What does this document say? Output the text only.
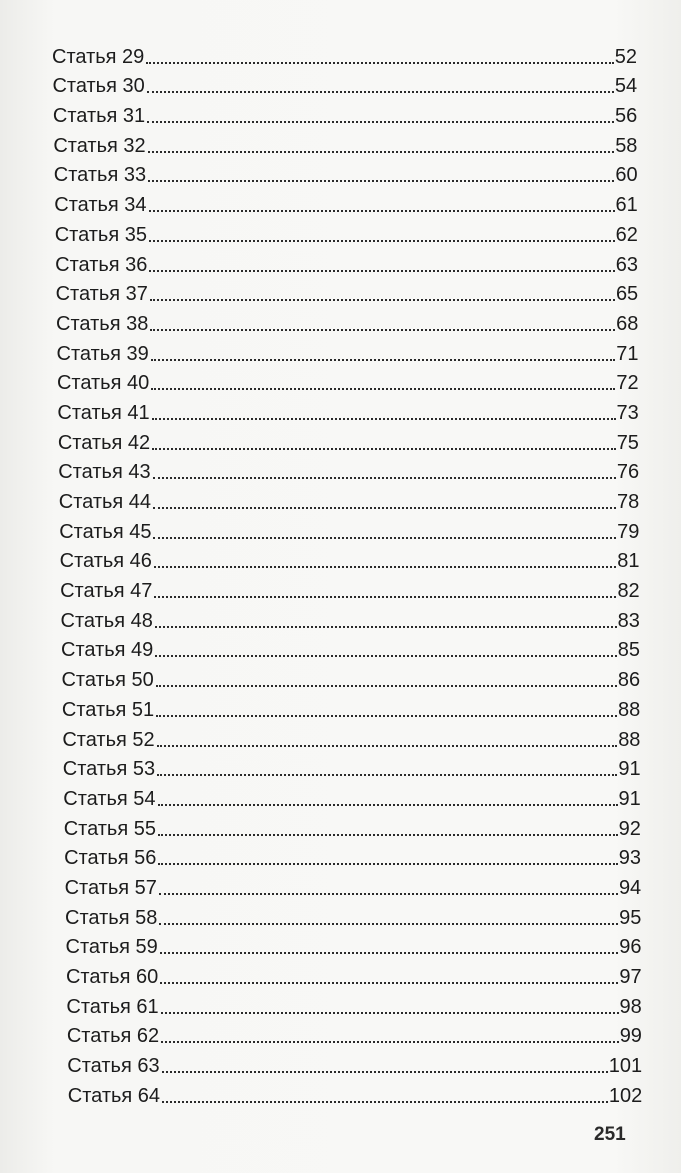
Статья 29	52
Статья 30	54
Статья 31	56
Статья 32	58
Статья 33	60
Статья 34	61
Статья 35	62
Статья 36	63
Статья 37	65
Статья 38	68
Статья 39	71
Статья 40	72
Статья 41	73
Статья 42	75
Статья 43	76
Статья 44	78
Статья 45	79
Статья 46	81
Статья 47	82
Статья 48	83
Статья 49	85
Статья 50	86
Статья 51	88
Статья 52	88
Статья 53	91
Статья 54	91
Статья 55	92
Статья 56	93
Статья 57	94
Статья 58	95
Статья 59	96
Статья 60	97
Статья 61	98
Статья 62	99
Статья 63	101
Статья 64	102
251
